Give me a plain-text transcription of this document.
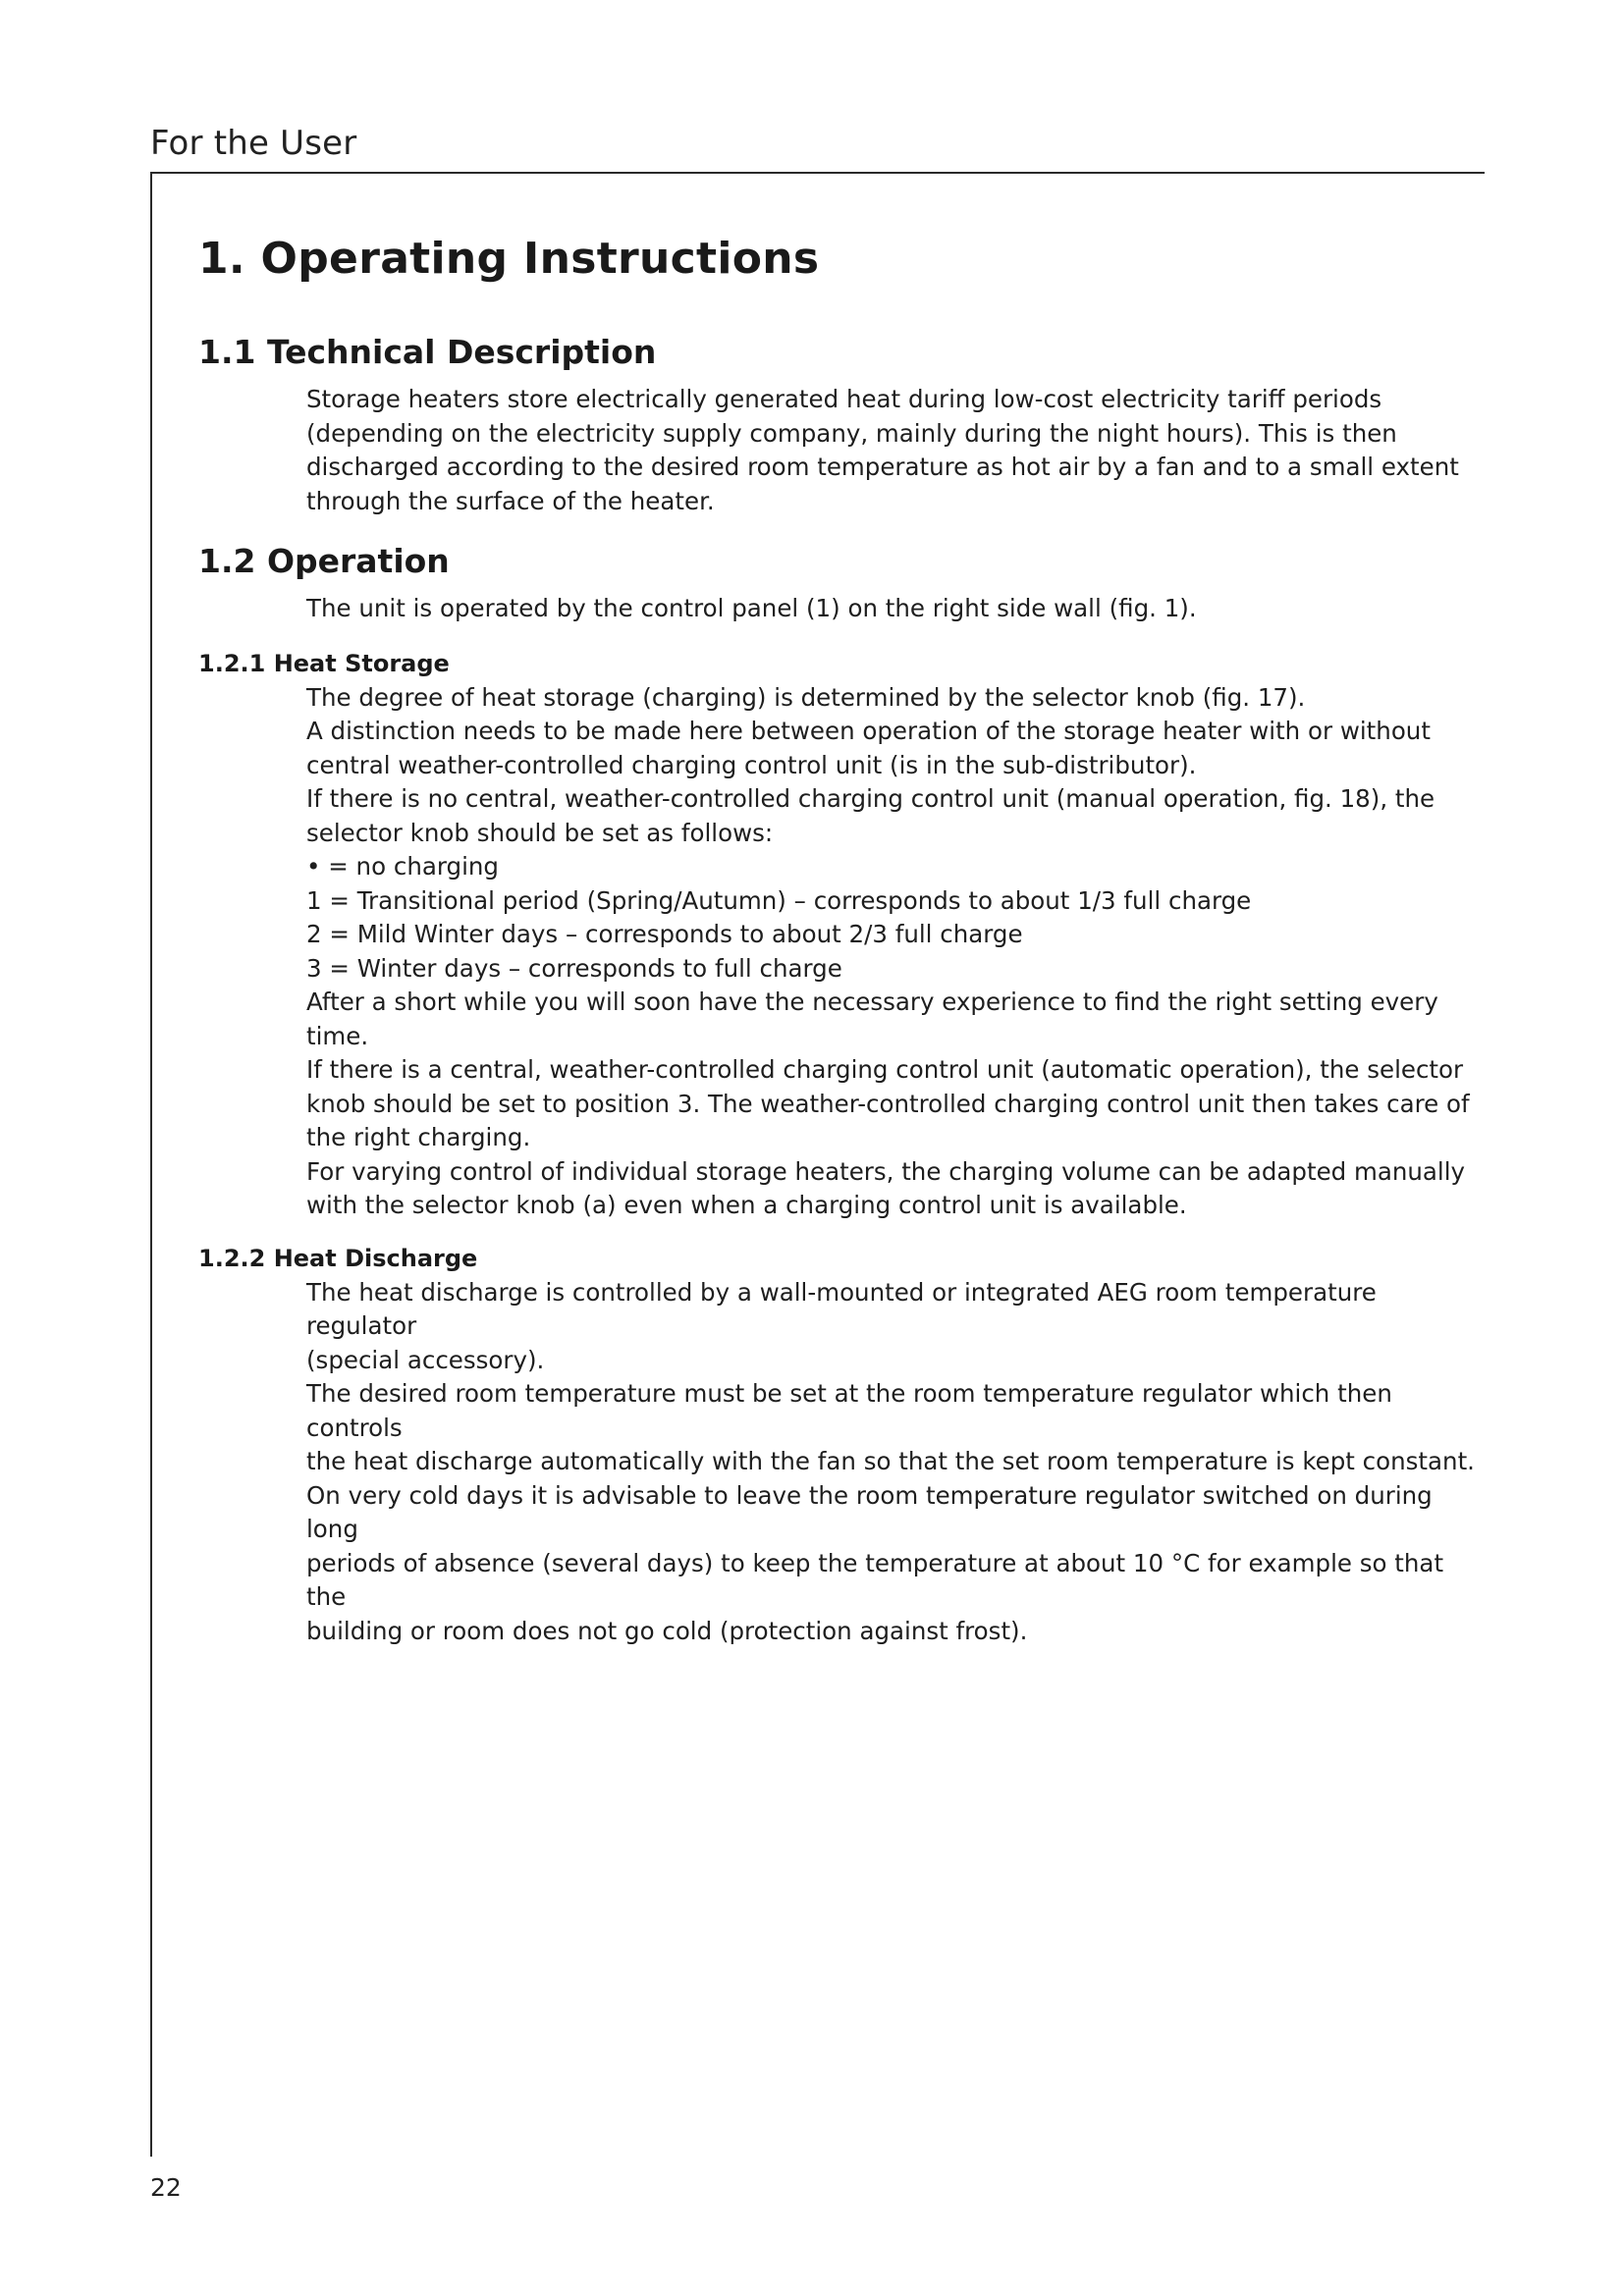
For the User
1. Operating Instructions
1.1 Technical Description

Storage heaters store electrically generated heat during low-cost electricity tariff periods

(depending on the electricity supply company, mainly during the night hours). This is then

discharged according to the desired room temperature as hot air by a fan and to a small extent

through the surface of the heater.

1.2 Operation

The unit is operated by the control panel (1) on the right side wall (fig. 1).

1.2.1 Heat Storage

The degree of heat storage (charging) is determined by the selector knob (fig. 17).

A distinction needs to be made here between operation of the storage heater with or without

central weather-controlled charging control unit (is in the sub-distributor).

If there is no central, weather-controlled charging control unit (manual operation, fig. 18), the

selector knob should be set as follows:

• = no charging

1 = Transitional period (Spring/Autumn) – corresponds to about 1/3 full charge

2 = Mild Winter days – corresponds to about 2/3 full charge

3 = Winter days – corresponds to full charge

After a short while you will soon have the necessary experience to find the right setting every

time.

If there is a central, weather-controlled charging control unit (automatic operation), the selector

knob should be set to position 3. The weather-controlled charging control unit then takes care of

the right charging.

For varying control of individual storage heaters, the charging volume can be adapted manually

with the selector knob (a) even when a charging control unit is available.

1.2.2 Heat Discharge

The heat discharge is controlled by a wall-mounted or integrated AEG room temperature regulator

(special accessory).

The desired room temperature must be set at the room temperature regulator which then controls

the heat discharge automatically with the fan so that the set room temperature is kept constant.

On very cold days it is advisable to leave the room temperature regulator switched on during long

periods of absence (several days) to keep the temperature at about 10 °C for example so that the

building or room does not go cold (protection against frost).

22
